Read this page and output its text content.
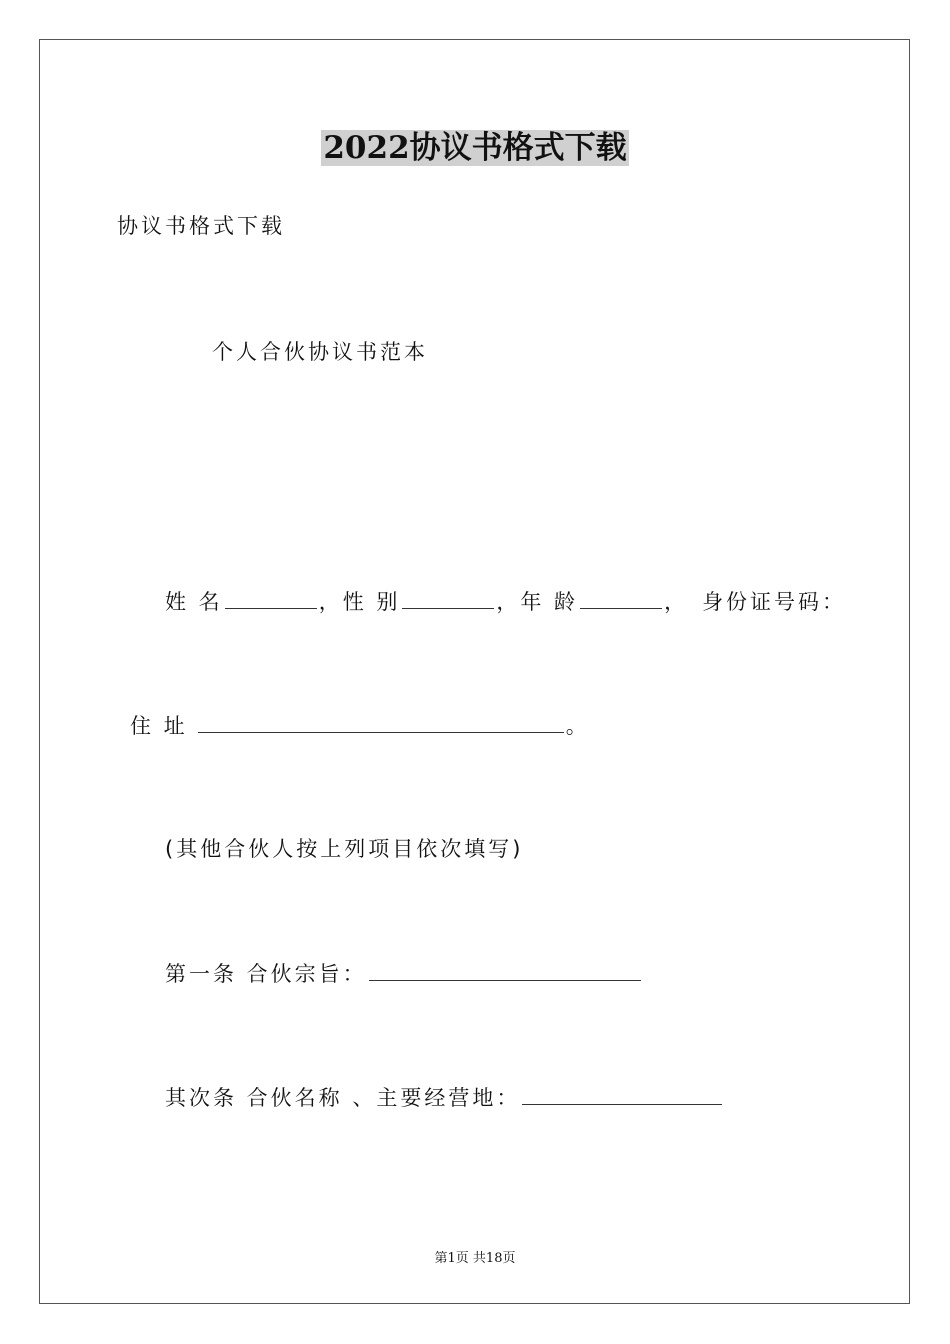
2022协议书格式下载
协议书格式下载
个人合伙协议书范本
姓 名	，性 别	，年 龄	， 身份证号码：
住 址	。
(其他合伙人按上列项目依次填写)
第一条 合伙宗旨：
其次条 合伙名称 、主要经营地：
第1页 共18页
